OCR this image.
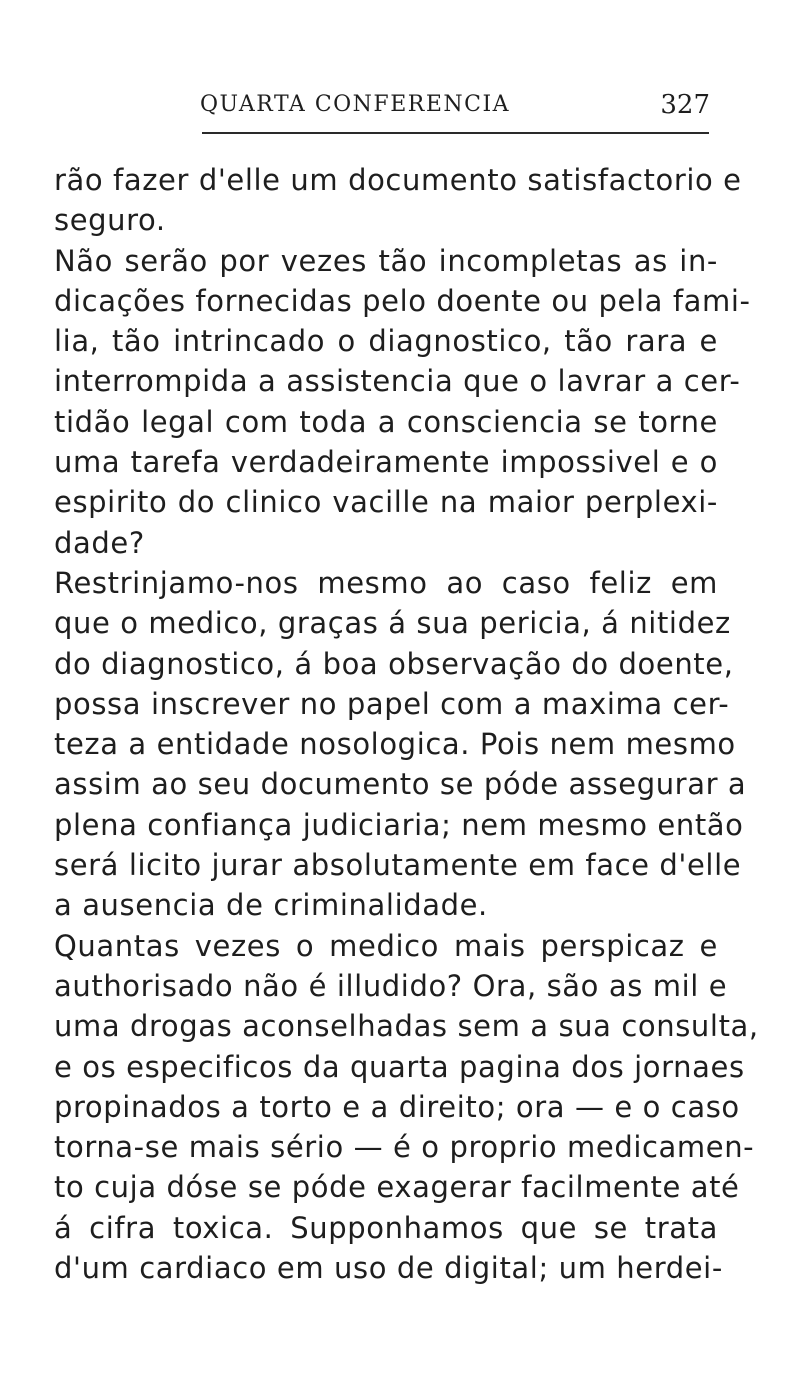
QUARTA CONFERENCIA	327
rão fazer d'elle um documento satisfactorio e
seguro.
Não serão por vezes tão incompletas as in-
dicações fornecidas pelo doente ou pela fami-
lia, tão intrincado o diagnostico, tão rara e
interrompida a assistencia que o lavrar a cer-
tidão legal com toda a consciencia se torne
uma tarefa verdadeiramente impossivel e o
espirito do clinico vacille na maior perplexi-
dade?
Restrinjamo-nos mesmo ao caso feliz em
que o medico, graças á sua pericia, á nitidez
do diagnostico, á boa observação do doente,
possa inscrever no papel com a maxima cer-
teza a entidade nosologica. Pois nem mesmo
assim ao seu documento se póde assegurar a
plena confiança judiciaria; nem mesmo então
será licito jurar absolutamente em face d'elle
a ausencia de criminalidade.
Quantas vezes o medico mais perspicaz e
authorisado não é illudido? Ora, são as mil e
uma drogas aconselhadas sem a sua consulta,
e os especificos da quarta pagina dos jornaes
propinados a torto e a direito; ora — e o caso
torna-se mais sério — é o proprio medicamen-
to cuja dóse se póde exagerar facilmente até
á cifra toxica. Supponhamos que se trata
d'um cardiaco em uso de digital; um herdei-
